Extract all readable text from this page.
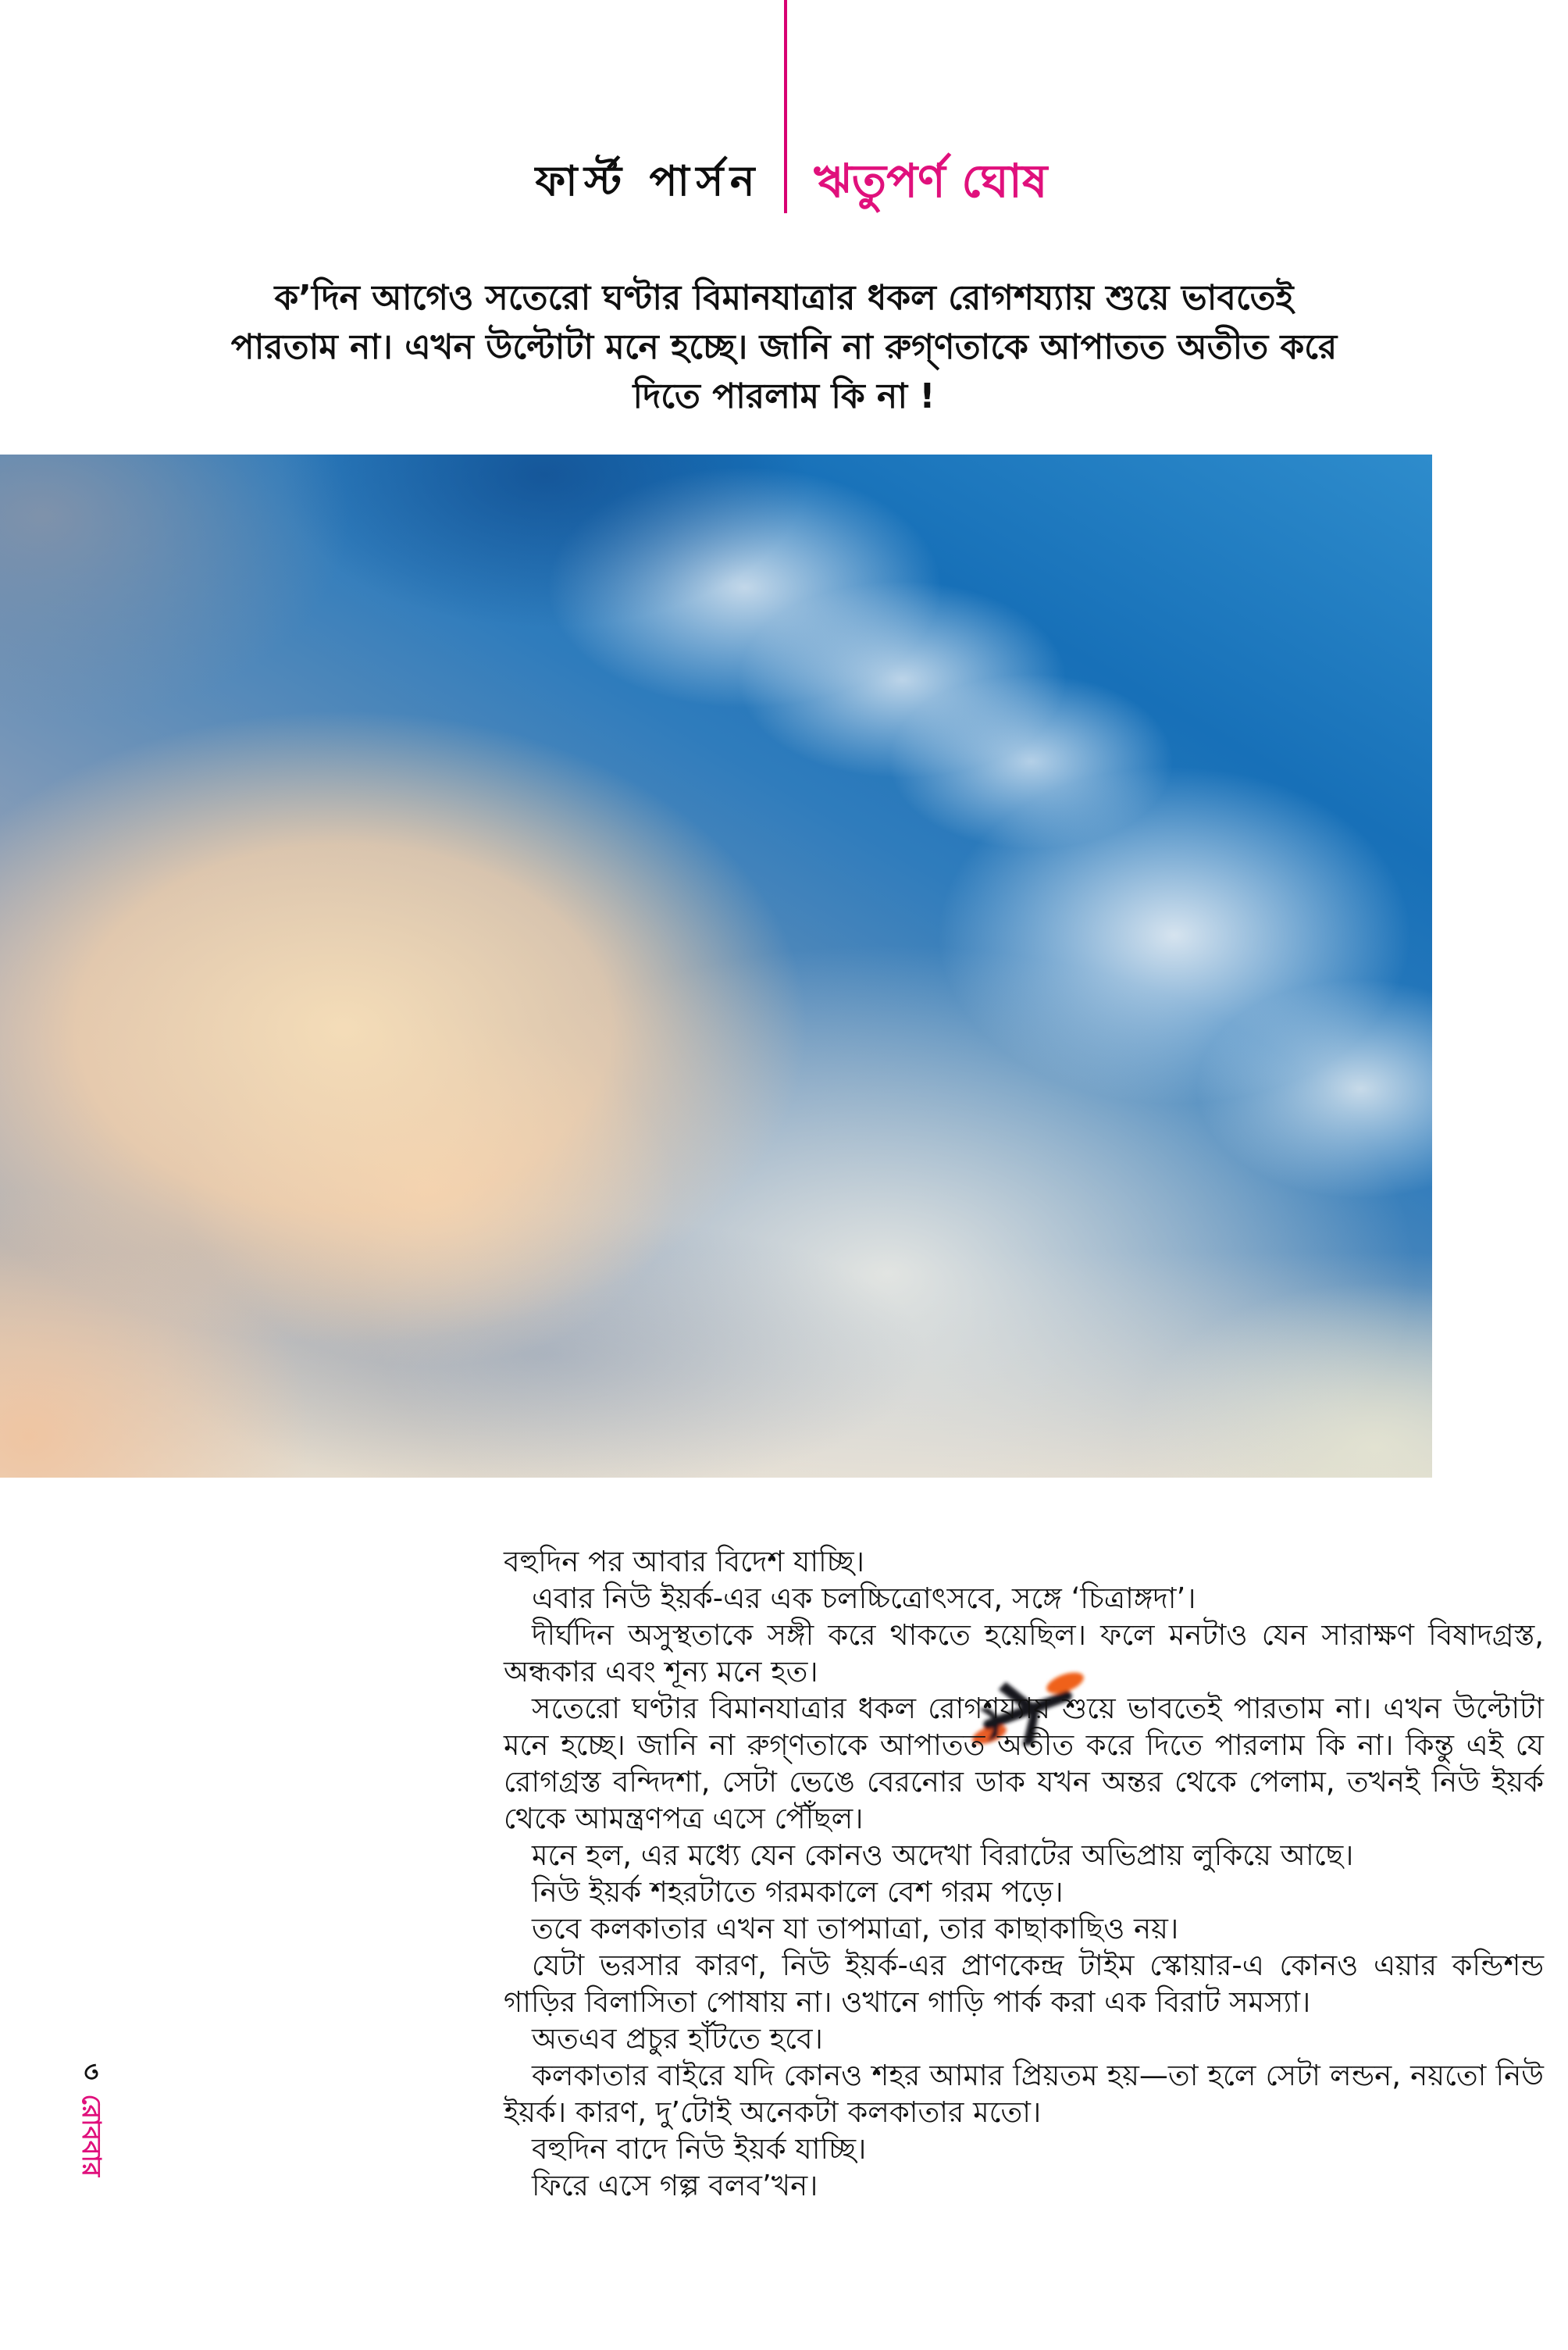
ফার্স্ট পার্সন ঋতুপর্ণ ঘোষ
ক’দিন আগেও সতেরো ঘণ্টার বিমানযাত্রার ধকল রোগশয্যায় শুয়ে ভাবতেই
পারতাম না। এখন উল্টোটা মনে হচ্ছে। জানি না রুগ্ণতাকে আপাতত অতীত করে
দিতে পারলাম কি না !

বহুদিন পর আবার বিদেশ যাচ্ছি।

এবার নিউ ইয়র্ক-এর এক চলচ্চিত্রোৎসবে, সঙ্গে ‘চিত্রাঙ্গদা’।

দীর্ঘদিন অসুস্থতাকে সঙ্গী করে থাকতে হয়েছিল। ফলে মনটাও যেন সারাক্ষণ বিষাদগ্রস্ত, অন্ধকার এবং শূন্য মনে হত।

সতেরো ঘণ্টার বিমানযাত্রার ধকল রোগশয্যায় শুয়ে ভাবতেই পারতাম না। এখন উল্টোটা মনে হচ্ছে। জানি না রুগ্ণতাকে আপাতত অতীত করে দিতে পারলাম কি না। কিন্তু এই যে রোগগ্রস্ত বন্দিদশা, সেটা ভেঙে বেরনোর ডাক যখন অন্তর থেকে পেলাম, তখনই নিউ ইয়র্ক থেকে আমন্ত্রণপত্র এসে পৌঁছল।

মনে হল, এর মধ্যে যেন কোনও অদেখা বিরাটের অভিপ্রায় লুকিয়ে আছে।

নিউ ইয়র্ক শহরটাতে গরমকালে বেশ গরম পড়ে।

তবে কলকাতার এখন যা তাপমাত্রা, তার কাছাকাছিও নয়।

যেটা ভরসার কারণ, নিউ ইয়র্ক-এর প্রাণকেন্দ্র টাইম স্কোয়ার-এ কোনও এয়ার কন্ডিশন্ড গাড়ির বিলাসিতা পোষায় না। ওখানে গাড়ি পার্ক করা এক বিরাট সমস্যা।

অতএব প্রচুর হাঁটতে হবে।

কলকাতার বাইরে যদি কোনও শহর আমার প্রিয়তম হয়—তা হলে সেটা লন্ডন, নয়তো নিউ ইয়র্ক। কারণ, দু’টোই অনেকটা কলকাতার মতো।

বহুদিন বাদে নিউ ইয়র্ক যাচ্ছি।

ফিরে এসে গল্প বলব’খন।

৩রোববার
